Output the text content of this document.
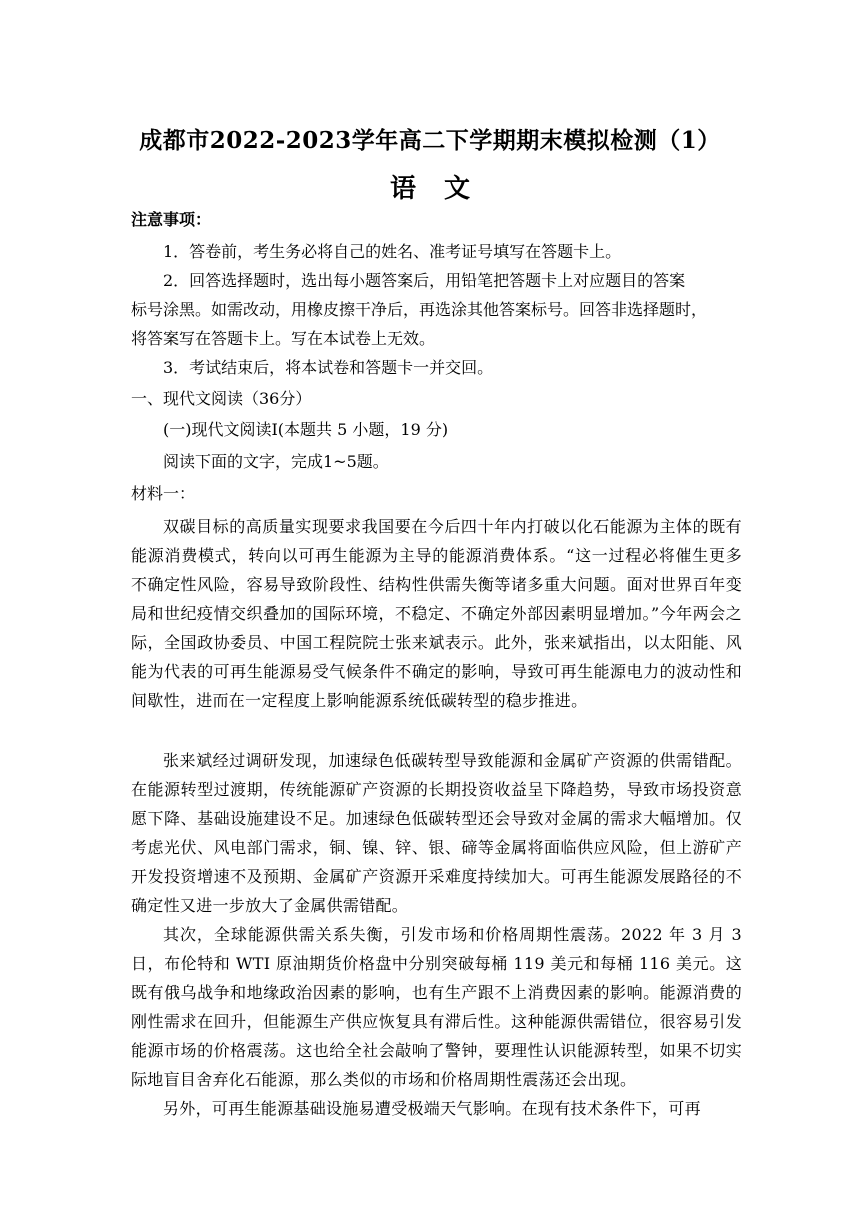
成都市2022-2023学年高二下学期期末模拟检测（1）
语文
注意事项：
1．答卷前，考生务必将自己的姓名、准考证号填写在答题卡上。
2．回答选择题时，选出每小题答案后，用铅笔把答题卡上对应题目的答案
标号涂黑。如需改动，用橡皮擦干净后，再选涂其他答案标号。回答非选择题时，
将答案写在答题卡上。写在本试卷上无效。
3．考试结束后，将本试卷和答题卡一并交回。
一、现代文阅读（36分）
(一)现代文阅读Ⅰ(本题共 5 小题，19 分)
阅读下面的文字，完成1~5题。
材料一：
双碳目标的高质量实现要求我国要在今后四十年内打破以化石能源为主体的既有能源消费模式，转向以可再生能源为主导的能源消费体系。“这一过程必将催生更多不确定性风险，容易导致阶段性、结构性供需失衡等诸多重大问题。面对世界百年变局和世纪疫情交织叠加的国际环境，不稳定、不确定外部因素明显增加。”今年两会之际，全国政协委员、中国工程院院士张来斌表示。此外，张来斌指出，以太阳能、风能为代表的可再生能源易受气候条件不确定的影响，导致可再生能源电力的波动性和间歇性，进而在一定程度上影响能源系统低碳转型的稳步推进。
张来斌经过调研发现，加速绿色低碳转型导致能源和金属矿产资源的供需错配。在能源转型过渡期，传统能源矿产资源的长期投资收益呈下降趋势，导致市场投资意愿下降、基础设施建设不足。加速绿色低碳转型还会导致对金属的需求大幅增加。仅考虑光伏、风电部门需求，铜、镍、锌、银、碲等金属将面临供应风险，但上游矿产开发投资增速不及预期、金属矿产资源开采难度持续加大。可再生能源发展路径的不确定性又进一步放大了金属供需错配。
其次，全球能源供需关系失衡，引发市场和价格周期性震荡。2022 年 3 月 3 日，布伦特和 WTI 原油期货价格盘中分别突破每桶 119 美元和每桶 116 美元。这既有俄乌战争和地缘政治因素的影响，也有生产跟不上消费因素的影响。能源消费的刚性需求在回升，但能源生产供应恢复具有滞后性。这种能源供需错位，很容易引发能源市场的价格震荡。这也给全社会敲响了警钟，要理性认识能源转型，如果不切实际地盲目舍弃化石能源，那么类似的市场和价格周期性震荡还会出现。
另外，可再生能源基础设施易遭受极端天气影响。在现有技术条件下，可再
